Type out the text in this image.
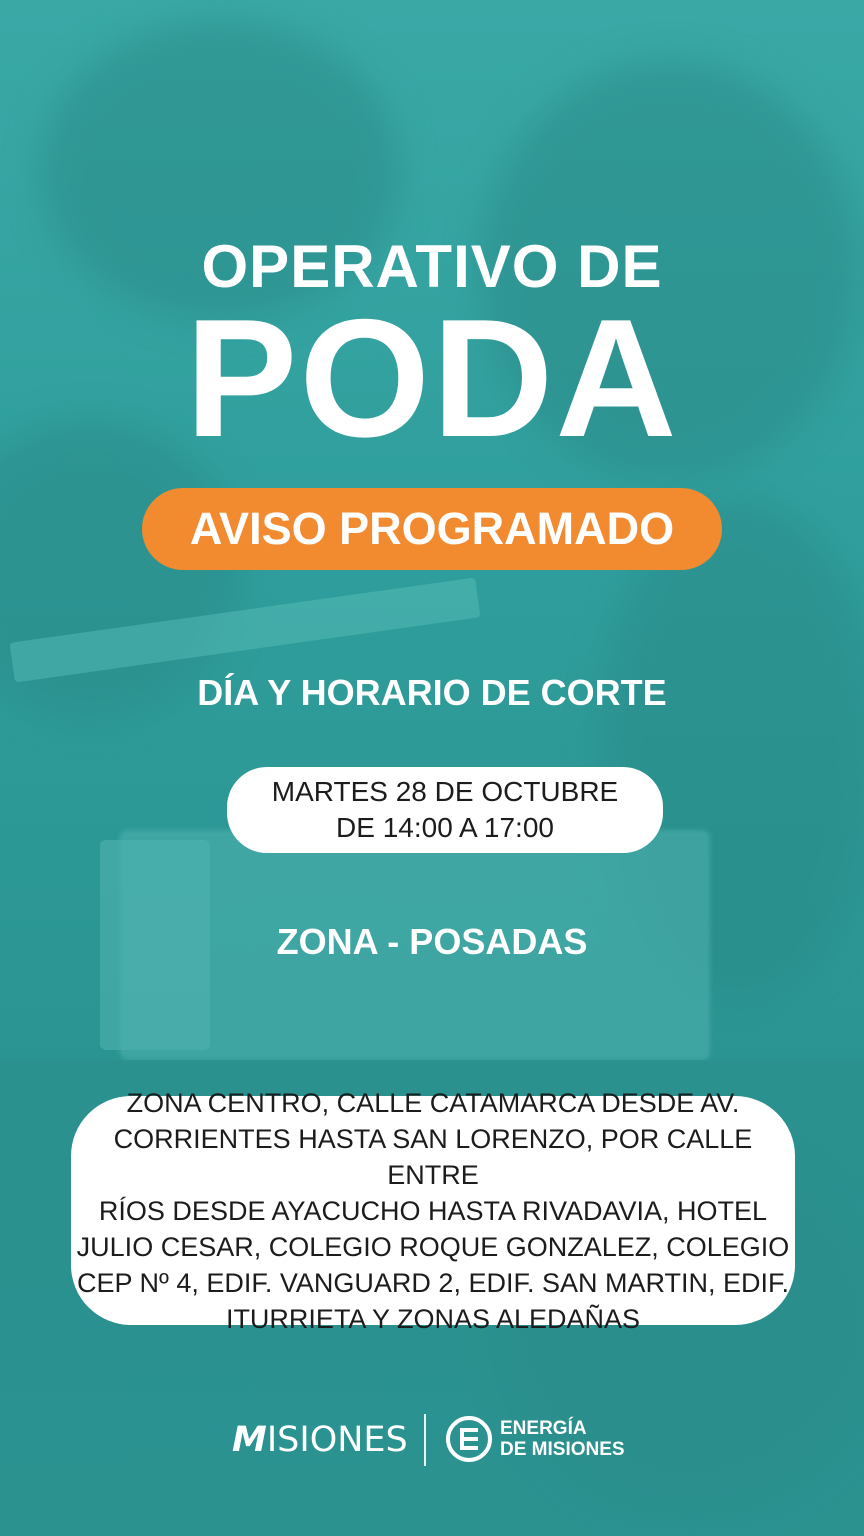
OPERATIVO DE
PODA
AVISO PROGRAMADO
DÍA Y HORARIO DE CORTE
MARTES 28 DE OCTUBRE
DE 14:00 A 17:00
ZONA - POSADAS
ZONA CENTRO, CALLE CATAMARCA DESDE AV.
CORRIENTES HASTA SAN LORENZO, POR CALLE ENTRE
RÍOS DESDE AYACUCHO HASTA RIVADAVIA, HOTEL
JULIO CESAR, COLEGIO ROQUE GONZALEZ, COLEGIO
CEP Nº 4, EDIF. VANGUARD 2, EDIF. SAN MARTIN, EDIF.
ITURRIETA Y ZONAS ALEDAÑAS
MISIONES	ENERGÍA
DE MISIONES
